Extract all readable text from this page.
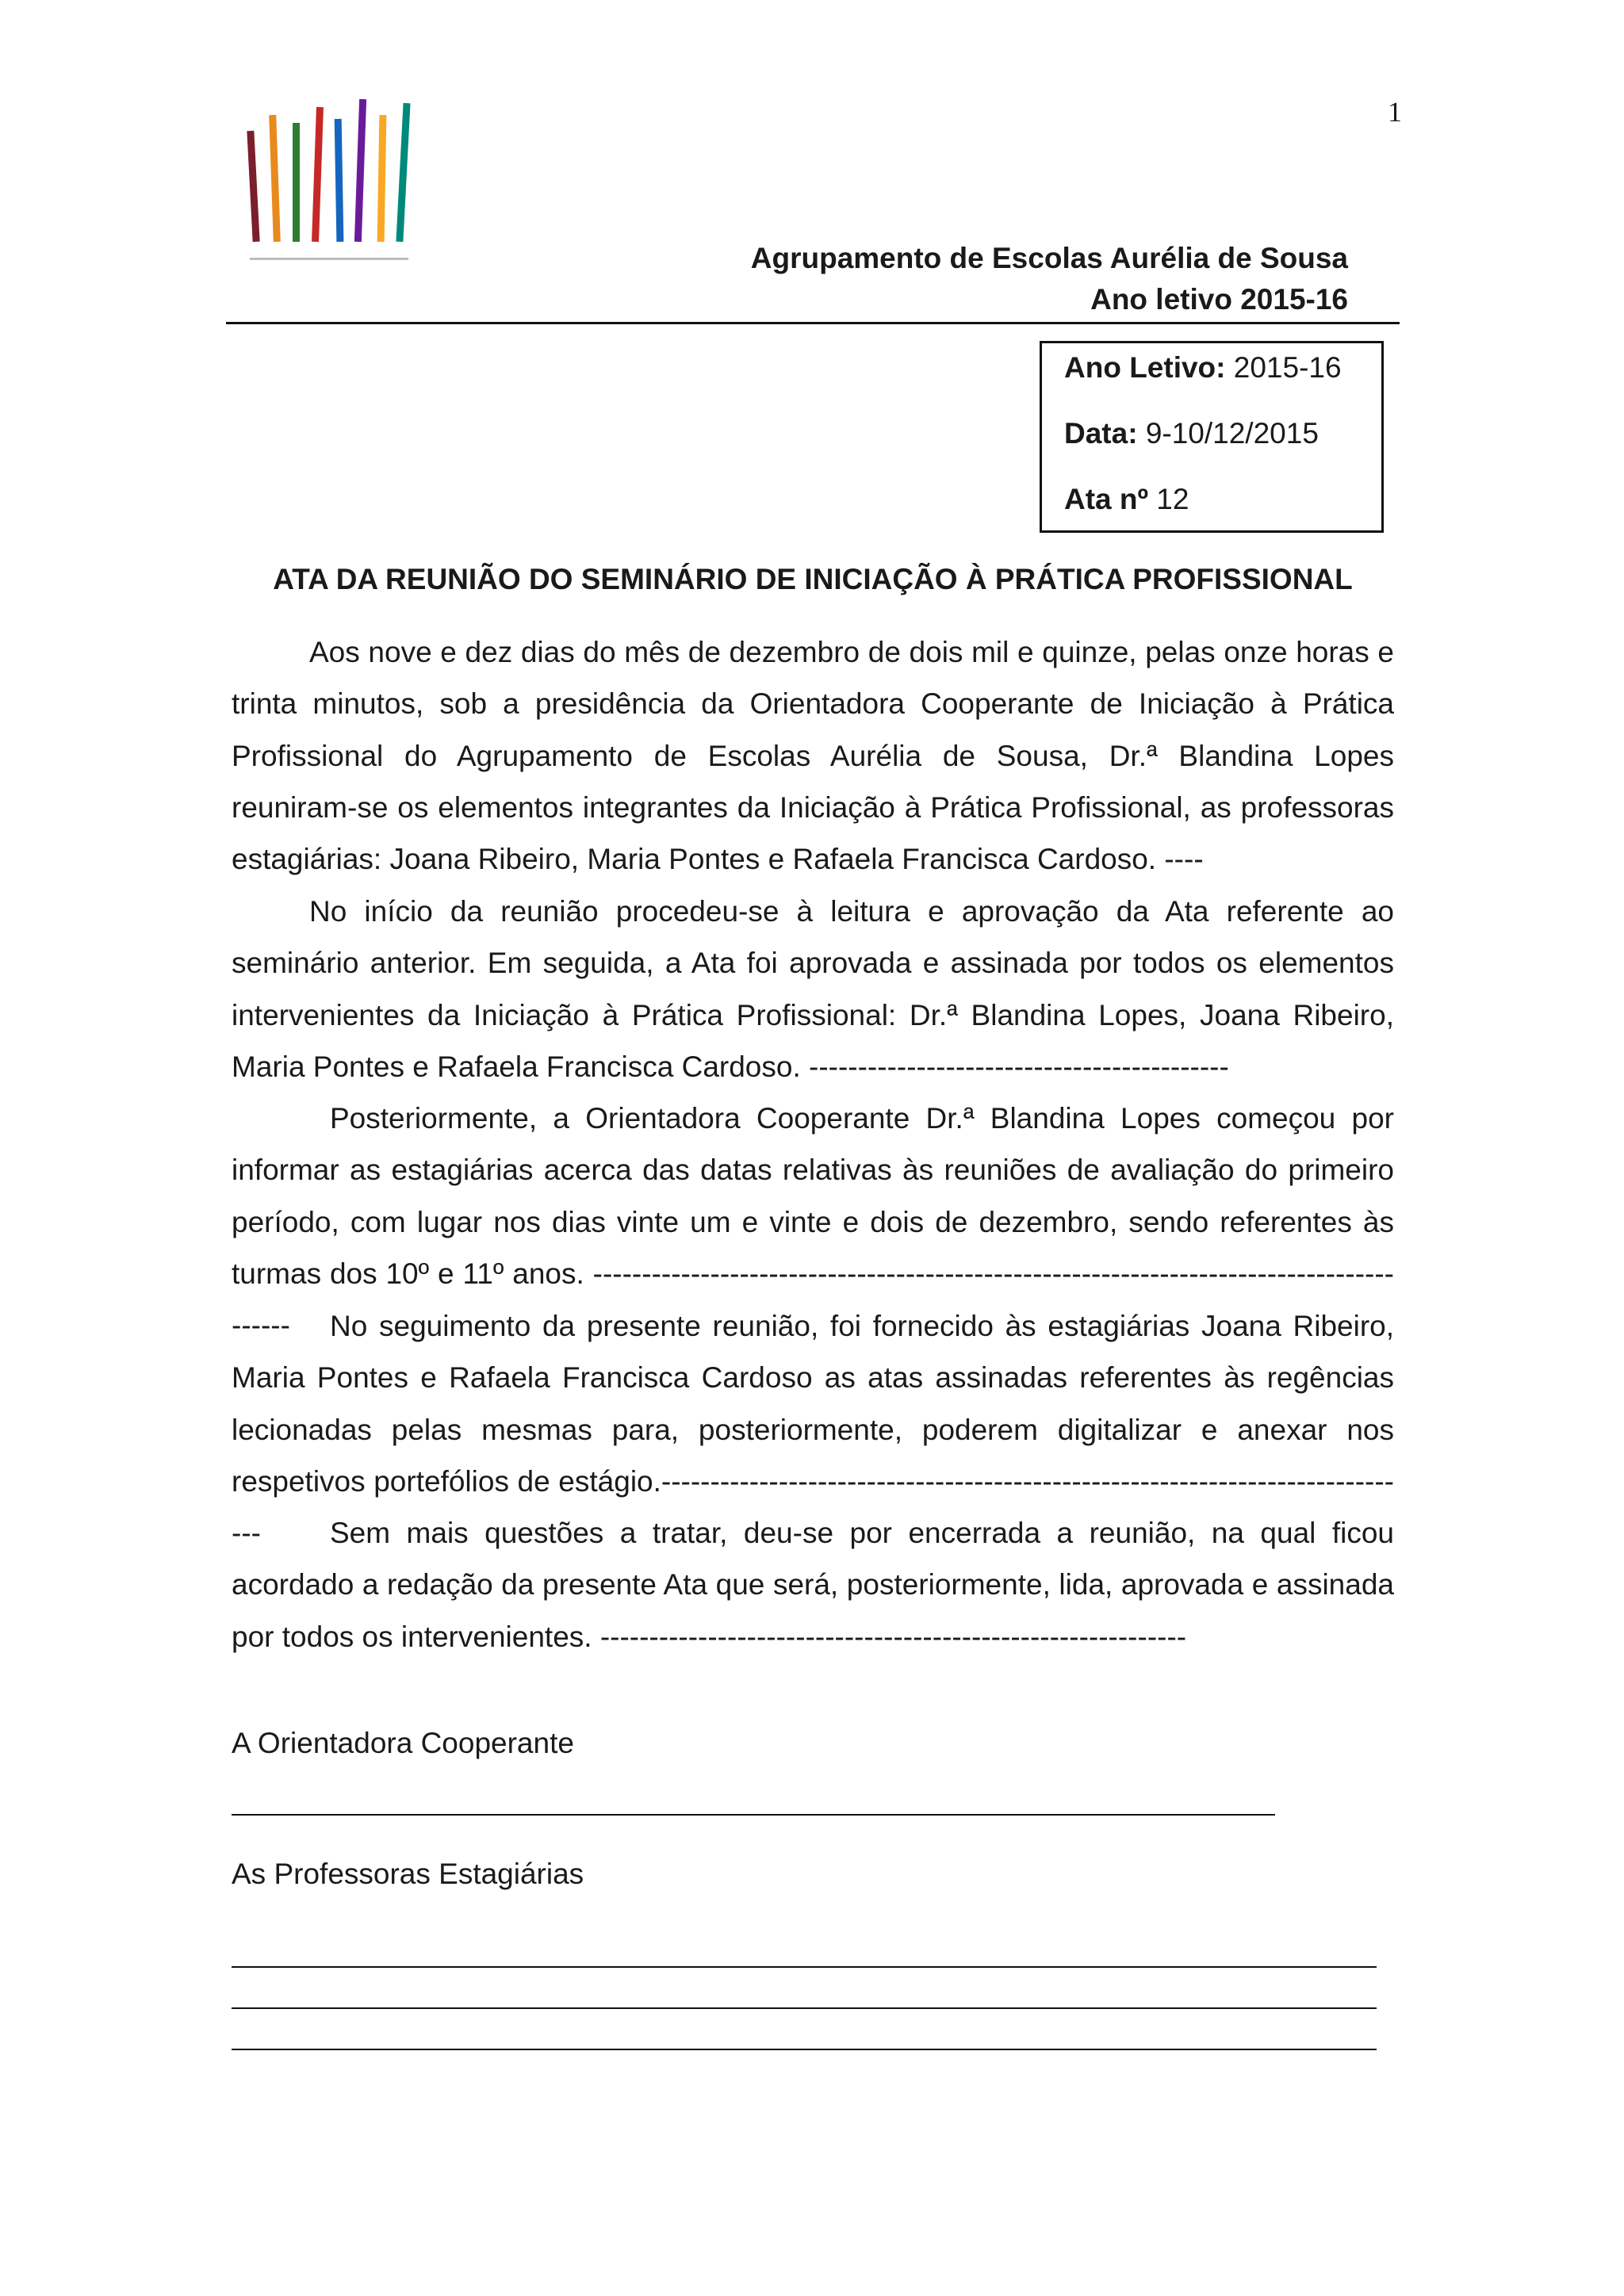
1
Agrupamento de Escolas Aurélia de Sousa
Ano letivo 2015-16
Ano Letivo: 2015-16
Data: 9-10/12/2015
Ata nº 12
ATA DA REUNIÃO DO SEMINÁRIO DE INICIAÇÃO À PRÁTICA PROFISSIONAL
Aos nove e dez dias do mês de dezembro de dois mil e quinze, pelas onze horas e trinta minutos, sob a presidência da Orientadora Cooperante de Iniciação à Prática Profissional do Agrupamento de Escolas Aurélia de Sousa, Dr.ª Blandina Lopes reuniram-se os elementos integrantes da Iniciação à Prática Profissional, as professoras estagiárias: Joana Ribeiro, Maria Pontes e Rafaela Francisca Cardoso. ----
No início da reunião procedeu-se à leitura e aprovação da Ata referente ao seminário anterior. Em seguida, a Ata foi aprovada e assinada por todos os elementos intervenientes da Iniciação à Prática Profissional: Dr.ª Blandina Lopes, Joana Ribeiro, Maria Pontes e Rafaela Francisca Cardoso. -------------------------------------------
Posteriormente, a Orientadora Cooperante Dr.ª Blandina Lopes começou por informar as estagiárias acerca das datas relativas às reuniões de avaliação do primeiro período, com lugar nos dias vinte um e vinte e dois de dezembro, sendo referentes às turmas dos 10º e 11º anos. ----------------------------------------------------------------------------------------	No seguimento da presente reunião, foi fornecido às estagiárias Joana Ribeiro, Maria Pontes e Rafaela Francisca Cardoso as atas assinadas referentes às regências lecionadas pelas mesmas para, posteriormente, poderem digitalizar e anexar nos respetivos portefólios de estágio.------------------------------------------------------------------------------	Sem mais questões a tratar, deu-se por encerrada a reunião, na qual ficou acordado a redação da presente Ata que será, posteriormente, lida, aprovada e assinada por todos os intervenientes. ------------------------------------------------------------
A Orientadora Cooperante
As Professoras Estagiárias
